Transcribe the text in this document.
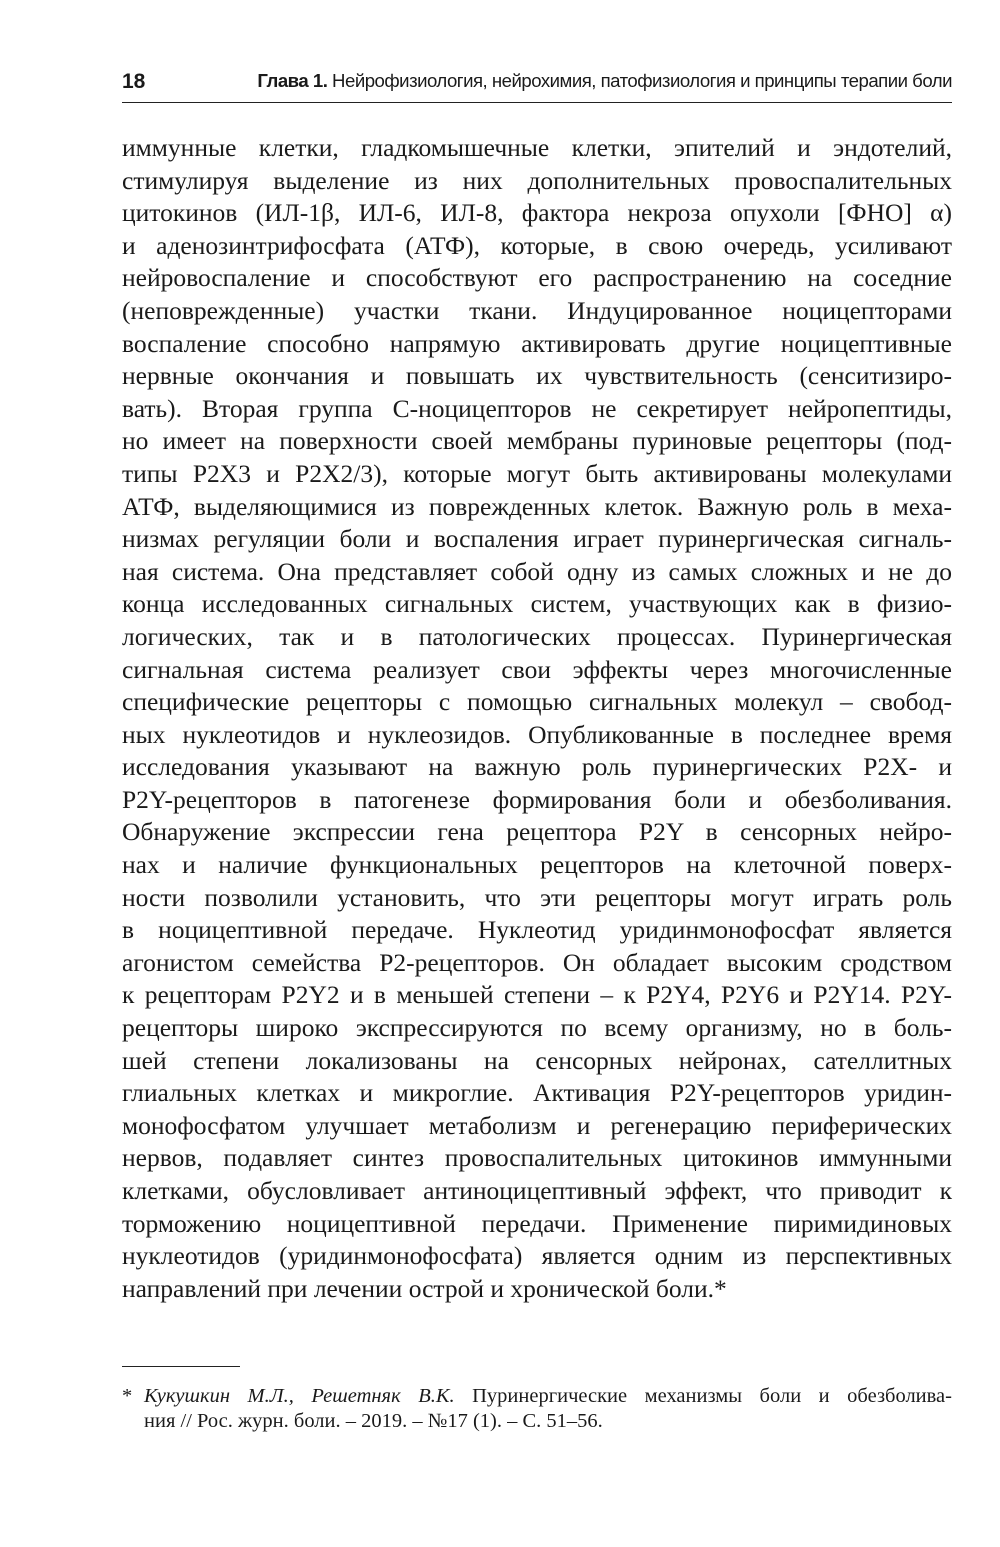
18	Глава 1. Нейрофизиология, нейрохимия, патофизиология и принципы терапии боли
иммунные клетки, гладкомышечные клетки, эпителий и эндотелий,
стимулируя выделение из них дополнительных провоспалительных
цитокинов (ИЛ-1β, ИЛ-6, ИЛ-8, фактора некроза опухоли [ФНО] α)
и аденозинтрифосфата (АТФ), которые, в свою очередь, усиливают
нейровоспаление и способствуют его распространению на соседние
(неповрежденные) участки ткани. Индуцированное ноцицепторами
воспаление способно напрямую активировать другие ноцицептивные
нервные окончания и повышать их чувствительность (сенситизиро-
вать). Вторая группа С-ноцицепторов не секретирует нейропептиды,
но имеет на поверхности своей мембраны пуриновые рецепторы (под-
типы P2X3 и P2X2/3), которые могут быть активированы молекулами
АТФ, выделяющимися из поврежденных клеток. Важную роль в меха-
низмах регуляции боли и воспаления играет пуринергическая сигналь-
ная система. Она представляет собой одну из самых сложных и не до
конца исследованных сигнальных систем, участвующих как в физио-
логических, так и в патологических процессах. Пуринергическая
сигнальная система реализует свои эффекты через многочисленные
специфические рецепторы с помощью сигнальных молекул – свобод-
ных нуклеотидов и нуклеозидов. Опубликованные в последнее время
исследования указывают на важную роль пуринергических P2X- и
P2Y-рецепторов в патогенезе формирования боли и обезболивания.
Обнаружение экспрессии гена рецептора P2Y в сенсорных нейро-
нах и наличие функциональных рецепторов на клеточной поверх-
ности позволили установить, что эти рецепторы могут играть роль
в ноцицептивной передаче. Нуклеотид уридинмонофосфат является
агонистом семейства P2-рецепторов. Он обладает высоким сродством
к рецепторам P2Y2 и в меньшей степени – к P2Y4, P2Y6 и P2Y14. P2Y-
рецепторы широко экспрессируются по всему организму, но в боль-
шей степени локализованы на сенсорных нейронах, сателлитных
глиальных клетках и микроглие. Активация P2Y-рецепторов уридин-
монофосфатом улучшает метаболизм и регенерацию периферических
нервов, подавляет синтез провоспалительных цитокинов иммунными
клетками, обусловливает антиноцицептивный эффект, что приводит к
торможению ноцицептивной передачи. Применение пиримидиновых
нуклеотидов (уридинмонофосфата) является одним из перспективных
направлений при лечении острой и хронической боли.*
* Кукушкин М.Л., Решетняк В.К. Пуринергические механизмы боли и обезболива-
ния // Рос. журн. боли. – 2019. – №17 (1). – С. 51–56.
